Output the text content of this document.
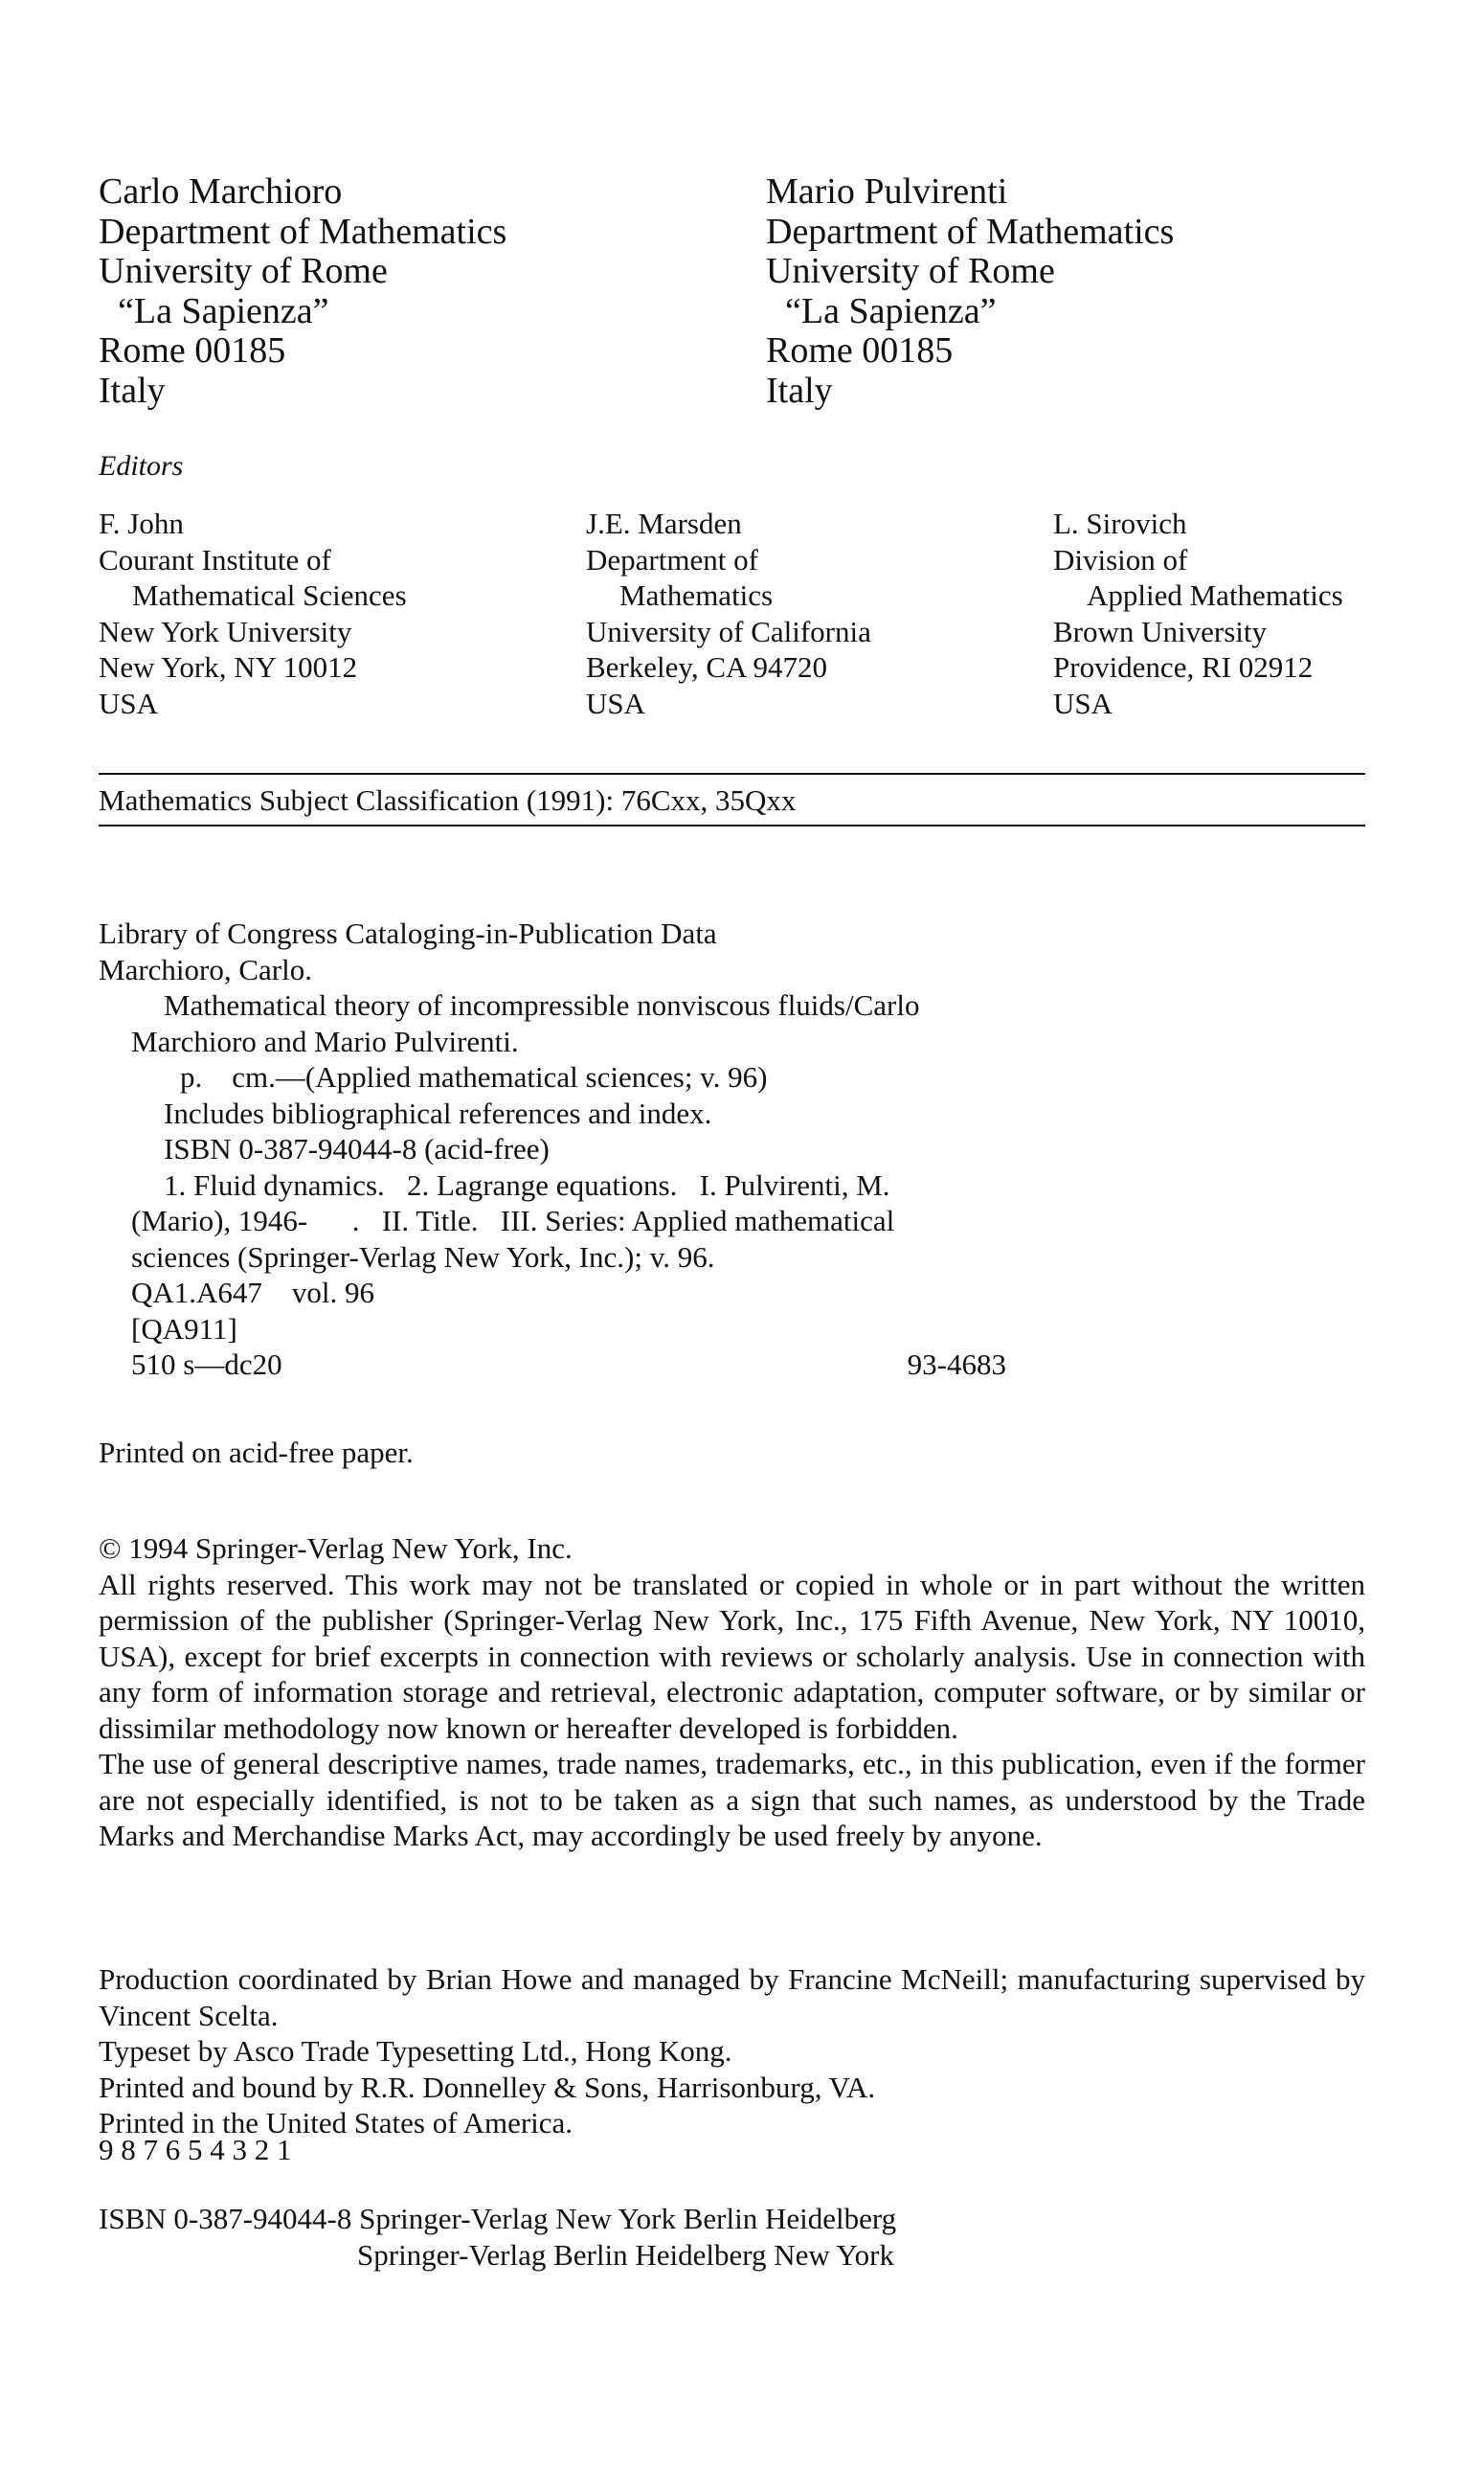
Carlo Marchioro
Department of Mathematics
University of Rome
“La Sapienza”
Rome 00185
Italy
Mario Pulvirenti
Department of Mathematics
University of Rome
“La Sapienza”
Rome 00185
Italy
Editors
F. John
Courant Institute of
Mathematical Sciences
New York University
New York, NY 10012
USA
J.E. Marsden
Department of
Mathematics
University of California
Berkeley, CA 94720
USA
L. Sirovich
Division of
Applied Mathematics
Brown University
Providence, RI 02912
USA
Mathematics Subject Classification (1991): 76Cxx, 35Qxx
Library of Congress Cataloging-in-Publication Data
Marchioro, Carlo.
Mathematical theory of incompressible nonviscous fluids/Carlo
Marchioro and Mario Pulvirenti.
p.    cm.—(Applied mathematical sciences; v. 96)
Includes bibliographical references and index.
ISBN 0-387-94044-8 (acid-free)
1. Fluid dynamics.   2. Lagrange equations.   I. Pulvirenti, M.
(Mario), 1946-      .   II. Title.   III. Series: Applied mathematical
sciences (Springer-Verlag New York, Inc.); v. 96.
QA1.A647    vol. 96
[QA911]
510 s—dc20	93-4683
Printed on acid-free paper.
© 1994 Springer-Verlag New York, Inc.
All rights reserved. This work may not be translated or copied in whole or in part without the written permission of the publisher (Springer-Verlag New York, Inc., 175 Fifth Avenue, New York, NY 10010, USA), except for brief excerpts in connection with reviews or scholarly analysis. Use in connection with any form of information storage and retrieval, electronic adaptation, computer software, or by similar or dissimilar methodology now known or hereafter developed is forbidden.
The use of general descriptive names, trade names, trademarks, etc., in this publication, even if the former are not especially identified, is not to be taken as a sign that such names, as understood by the Trade Marks and Merchandise Marks Act, may accordingly be used freely by anyone.
Production coordinated by Brian Howe and managed by Francine McNeill; manufacturing supervised by Vincent Scelta.
Typeset by Asco Trade Typesetting Ltd., Hong Kong.
Printed and bound by R.R. Donnelley & Sons, Harrisonburg, VA.
Printed in the United States of America.
9 8 7 6 5 4 3 2 1
ISBN 0-387-94044-8 Springer-Verlag New York Berlin Heidelberg
Springer-Verlag Berlin Heidelberg New York
